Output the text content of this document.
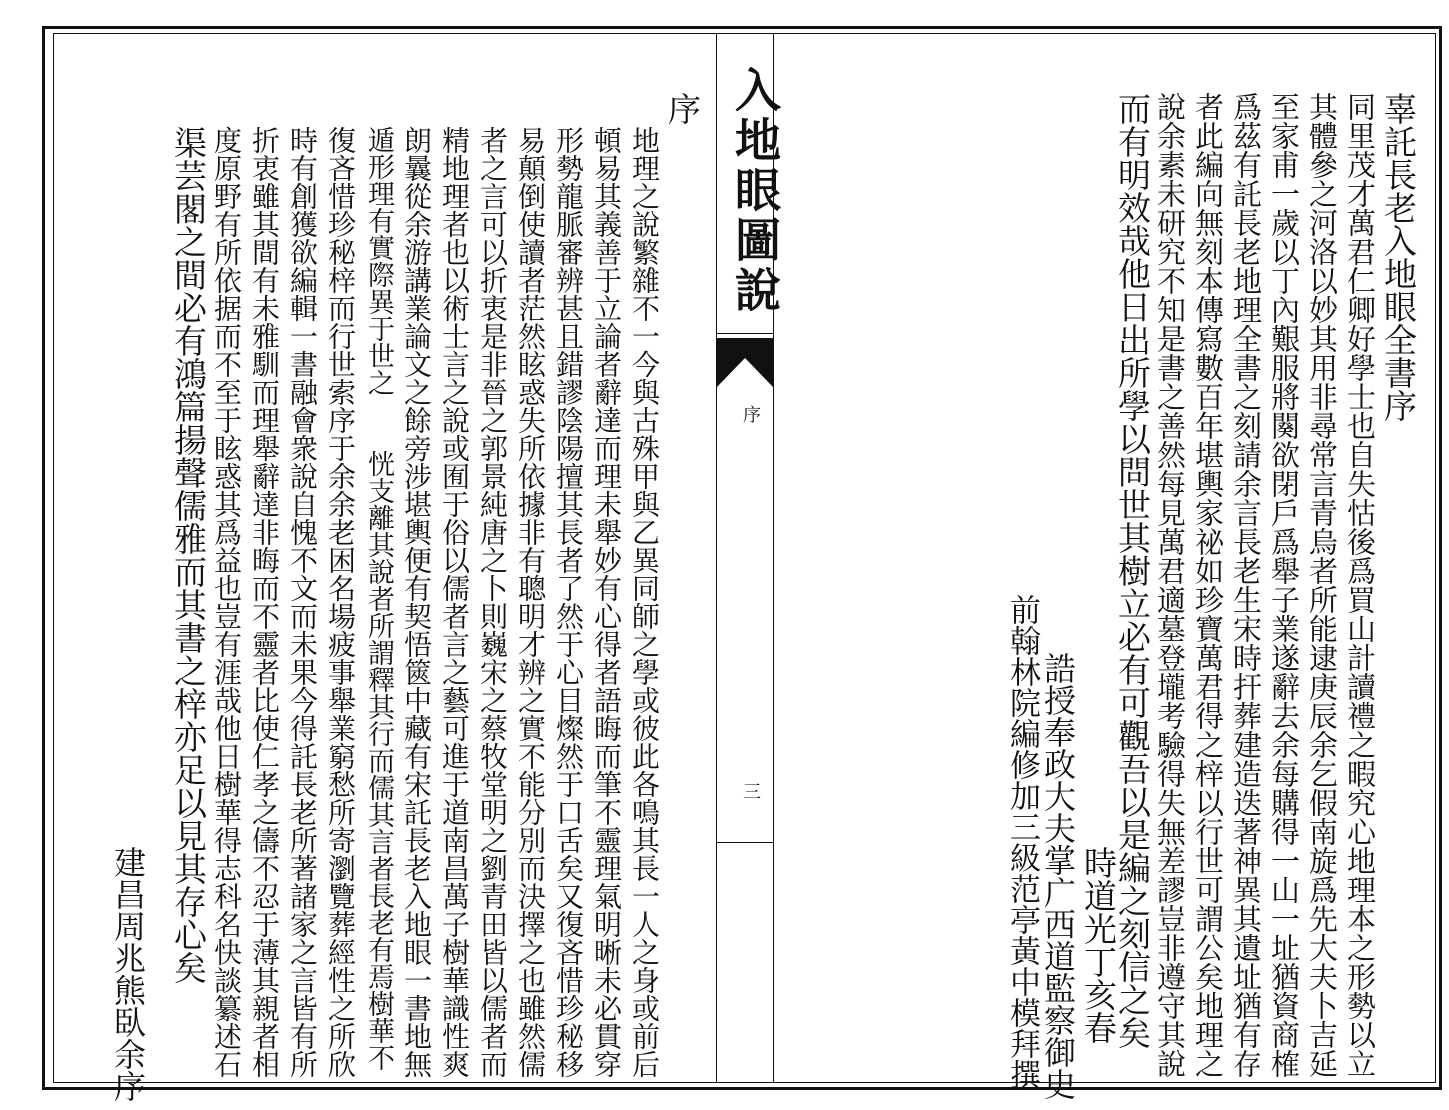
入地眼圖說
序
三
辜託長老入地眼全書序
同里茂才萬君仁卿好學士也自失怙後爲買山計讀禮之暇究心地理本之形勢以立
其體參之河洛以妙其用非尋常言青烏者所能逮庚辰余乞假南旋爲先大夫卜吉延
至家甫一歲以丁內艱服將闋欲閉戶爲舉子業遂辭去余每購得一山一址猶資商榷
爲茲有託長老地理全書之刻請余言長老生宋時扞葬建造迭著神異其遺址猶有存
者此編向無刻本傳寫數百年堪輿家祕如珍寶萬君得之梓以行世可謂公矣地理之
說余素未研究不知是書之善然每見萬君適墓登壠考驗得失無差謬豈非遵守其說
而有明效哉他日出所學以問世其樹立必有可觀吾以是編之刻信之矣
時道光丁亥春
誥授奉政大夫掌广西道監察御史
前翰林院編修加三級范亭黃中模拜撰
序
地理之說繁雜不一今與古殊甲與乙異同師之學或彼此各鳴其長一人之身或前后
頓易其義善于立論者辭達而理未舉妙有心得者語晦而筆不靈理氣明晰未必貫穿
形勢龍脈審辨甚且錯謬陰陽擅其長者了然于心目燦然于口舌矣又復吝惜珍秘移
易顛倒使讀者茫然眩惑失所依據非有聰明才辨之實不能分別而決擇之也雖然儒
者之言可以折衷是非晉之郭景純唐之卜則巍宋之蔡牧堂明之劉青田皆以儒者而
精地理者也以術士言之說或囿于俗以儒者言之藝可進于道南昌萬子樹華識性爽
朗曩從余游講業論文之餘旁涉堪輿便有契悟篋中藏有宋託長老入地眼一書地無
遁形理有實際異于世之　　恍支離其說者所謂釋其行而儒其言者長老有焉樹華不
復吝惜珍秘梓而行世索序于余余老困名場疲事舉業窮愁所寄瀏覽葬經性之所欣
時有創獲欲編輯一書融會衆說自愧不文而未果今得託長老所著諸家之言皆有所
折衷雖其間有未雅馴而理舉辭達非晦而不靈者比使仁孝之儔不忍于薄其親者相
度原野有所依据而不至于眩惑其爲益也豈有涯哉他日樹華得志科名快談纂述石
渠芸閣之間必有鴻篇揚聲儒雅而其書之梓亦足以見其存心矣
建昌周兆熊臥余序
